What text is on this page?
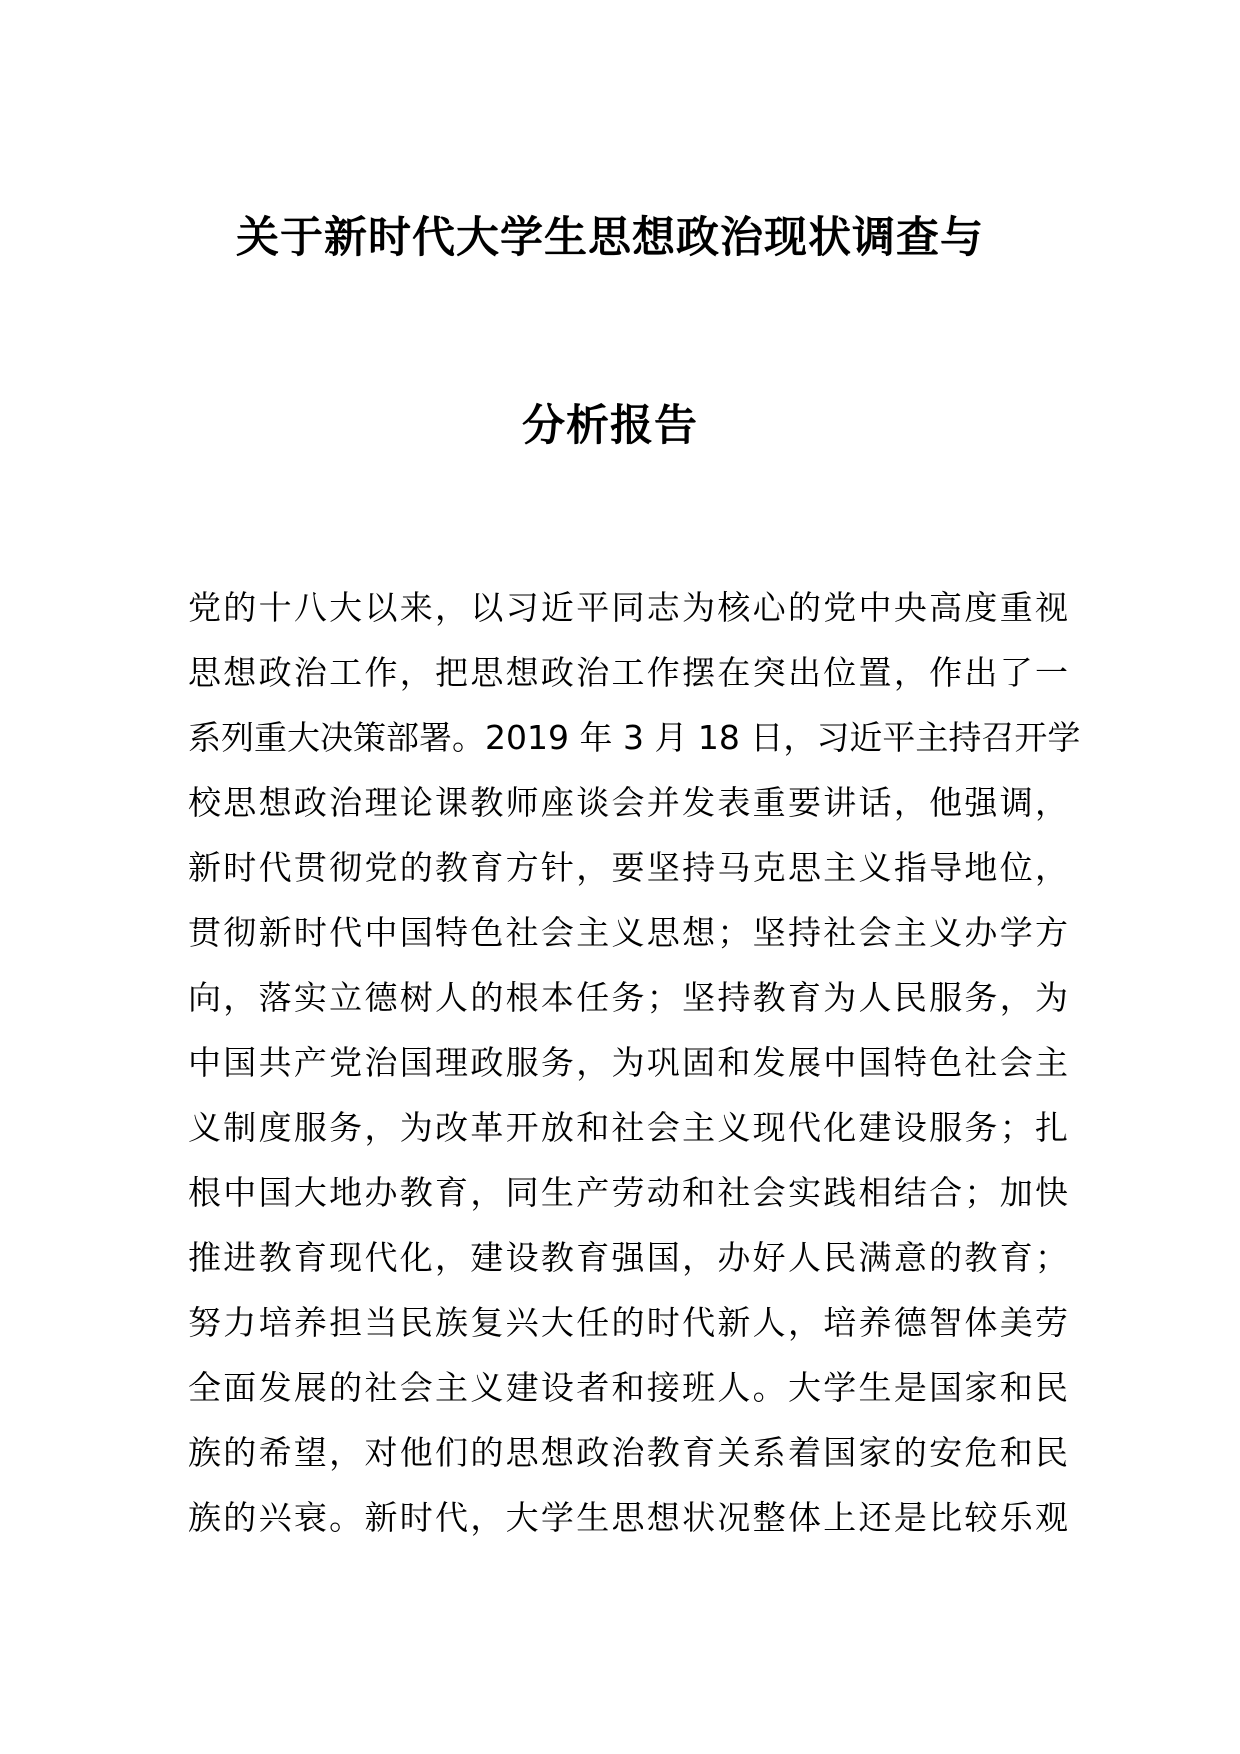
关于新时代大学生思想政治现状调查与
分析报告
党的十八大以来，以习近平同志为核心的党中央高度重视
思想政治工作，把思想政治工作摆在突出位置，作出了一
系列重大决策部署。2019 年 3 月 18 日，习近平主持召开学
校思想政治理论课教师座谈会并发表重要讲话，他强调，
新时代贯彻党的教育方针，要坚持马克思主义指导地位，
贯彻新时代中国特色社会主义思想；坚持社会主义办学方
向，落实立德树人的根本任务；坚持教育为人民服务，为
中国共产党治国理政服务，为巩固和发展中国特色社会主
义制度服务，为改革开放和社会主义现代化建设服务；扎
根中国大地办教育，同生产劳动和社会实践相结合；加快
推进教育现代化，建设教育强国，办好人民满意的教育；
努力培养担当民族复兴大任的时代新人，培养德智体美劳
全面发展的社会主义建设者和接班人。大学生是国家和民
族的希望，对他们的思想政治教育关系着国家的安危和民
族的兴衰。新时代，大学生思想状况整体上还是比较乐观
